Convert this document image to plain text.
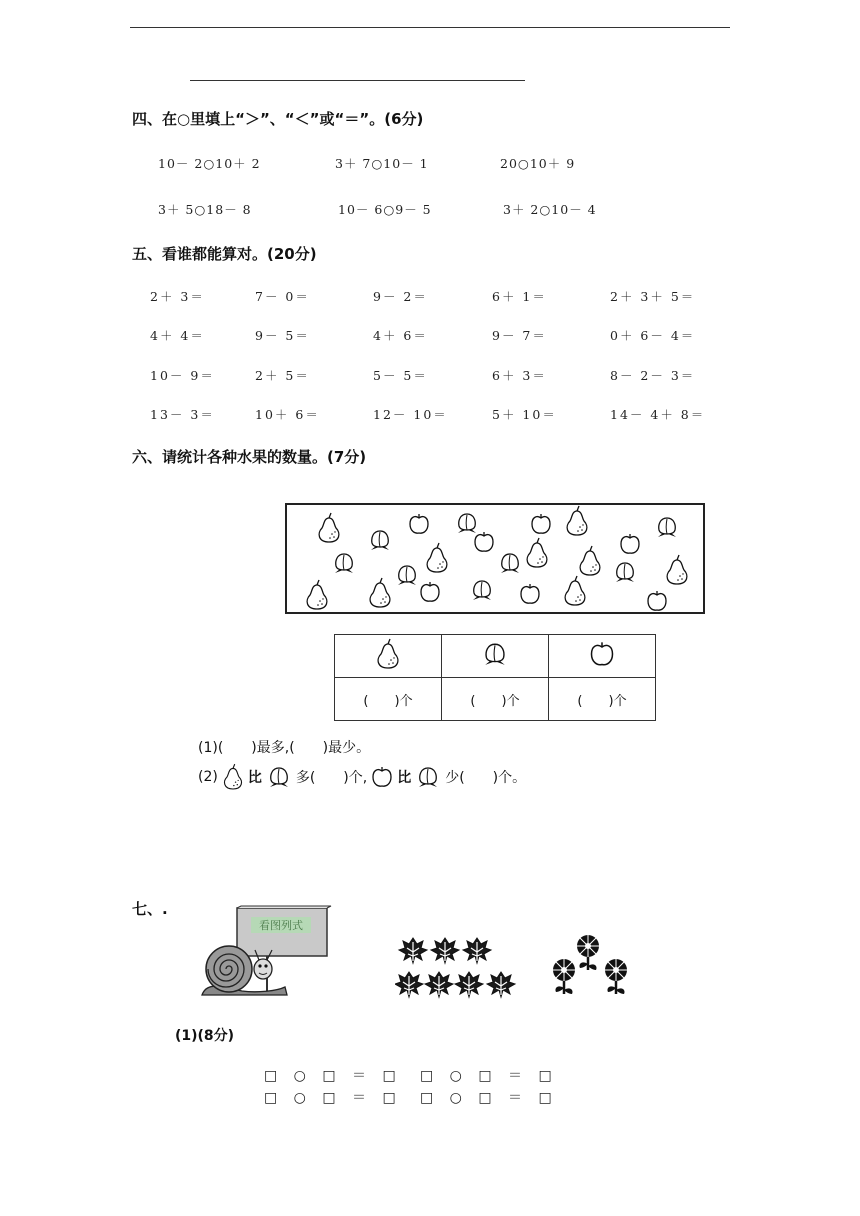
四、在○里填上“＞”、“＜”或“＝”。(6分)
10－ 2○10＋ 2	3＋ 7○10－ 1	20○10＋ 9
3＋ 5○18－ 8	10－ 6○9－ 5	3＋ 2○10－ 4
五、看谁都能算对。(20分)
2＋ 3＝	7－ 0＝	9－ 2＝	6＋ 1＝	2＋ 3＋ 5＝
4＋ 4＝	9－ 5＝	4＋ 6＝	9－ 7＝	0＋ 6－ 4＝
10－ 9＝	2＋ 5＝	5－ 5＝	6＋ 3＝	8－ 2－ 3＝
13－ 3＝	10＋ 6＝	12－ 10＝	5＋ 10＝	14－ 4＋ 8＝
六、请统计各种水果的数量。(7分)

(　　)个	(　　)个	(　　)个
(1)(　　)最多,(　　)最少。
(2) 比 多(　　)个, 比 少(　　)个。
七、.
看图列式
(1)(8分)
□ ○ □ ＝ □ □ ○ □ ＝ □
□ ○ □ ＝ □ □ ○ □ ＝ □
